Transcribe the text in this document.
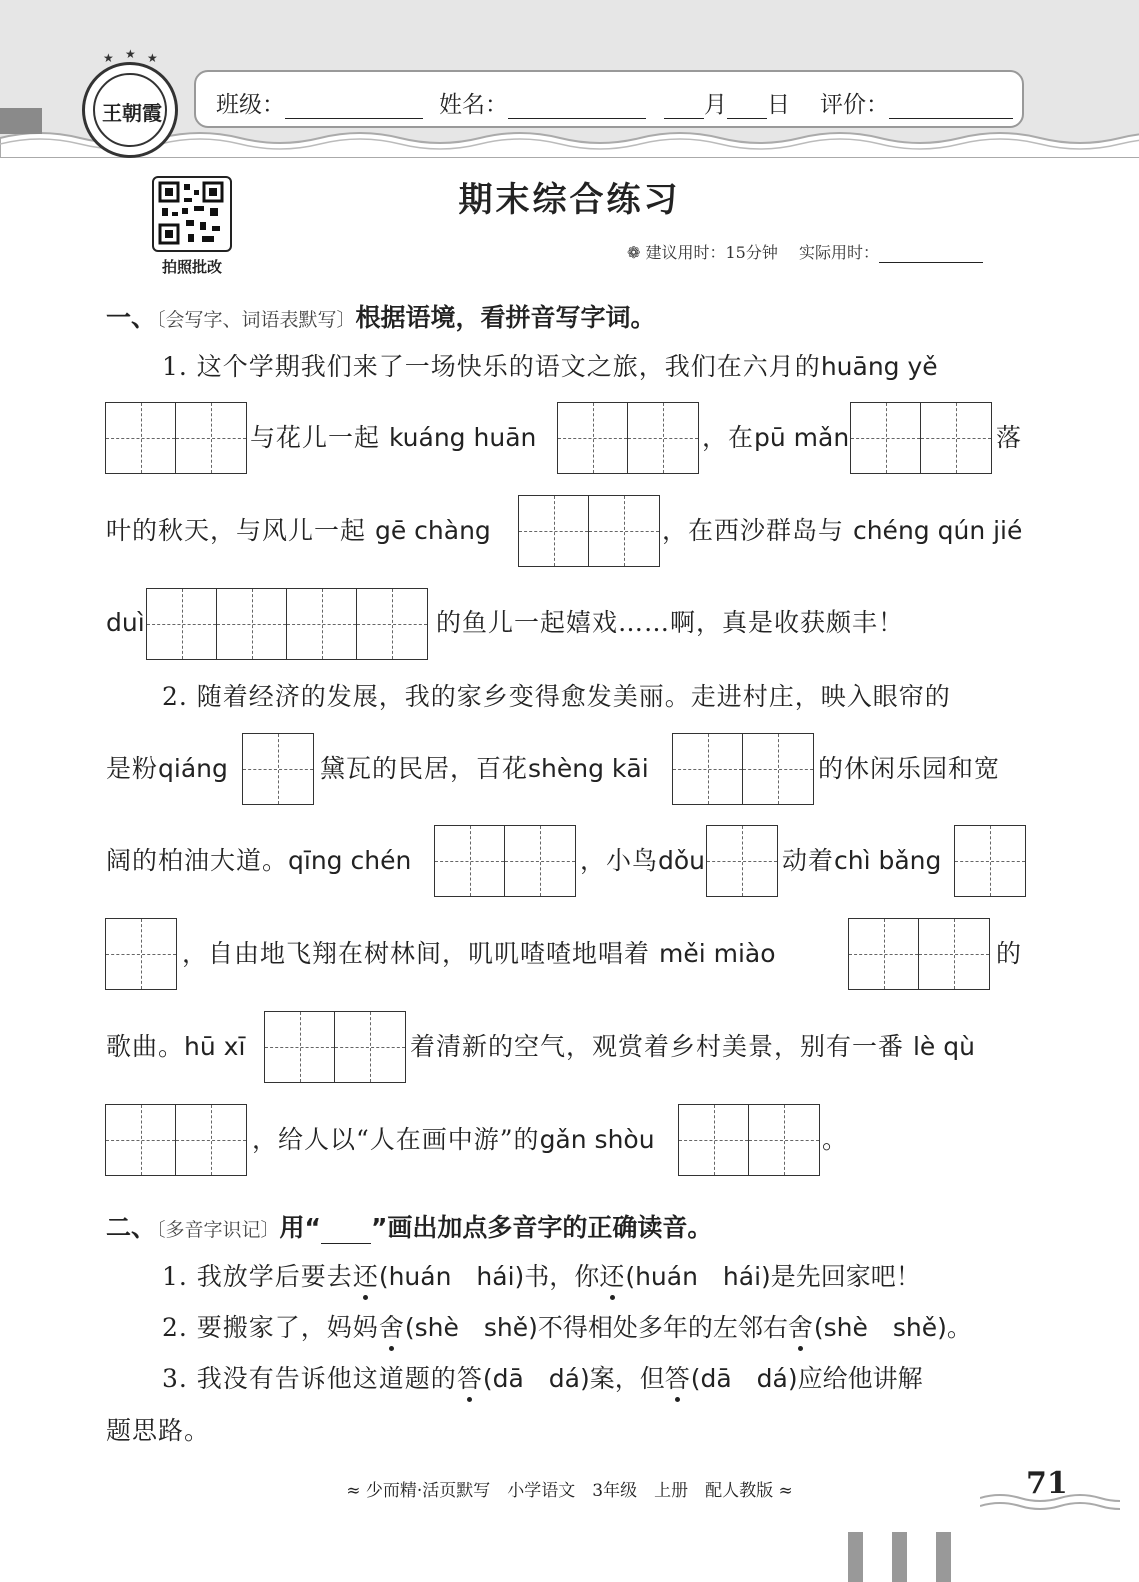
王朝霞
★ ★ ★
班级：	姓名：	月 日 评价：
拍照批改
期末综合练习
❁ 建议用时：15分钟　 实际用时：
一、〔会写字、词语表默写〕根据语境，看拼音写字词。
1. 这个学期我们来了一场快乐的语文之旅，我们在六月的huāng yě
与花儿一起 kuáng huān	，在pū mǎn	落
叶的秋天，与风儿一起 gē chàng	，在西沙群岛与 chéng qún jié
duì	的鱼儿一起嬉戏……啊，真是收获颇丰！
2. 随着经济的发展，我的家乡变得愈发美丽。走进村庄，映入眼帘的
是粉qiáng	黛瓦的民居，百花shèng kāi	的休闲乐园和宽
阔的柏油大道。qīng chén	，小鸟dǒu	动着chì bǎng
，自由地飞翔在树林间，叽叽喳喳地唱着 měi miào	的
歌曲。hū xī	着清新的空气，观赏着乡村美景，别有一番 lè qù
，给人以“人在画中游”的gǎn shòu	。
二、〔多音字识记〕用“ ”画出加点多音字的正确读音。
1. 我放学后要去还(huán　hái)书，你还(huán　hái)是先回家吧！
2. 要搬家了，妈妈舍(shè　shě)不得相处多年的左邻右舍(shè　shě)。
3. 我没有告诉他这道题的答(dā　dá)案，但答(dā　dá)应给他讲解
题思路。
≈ 少而精·活页默写　小学语文　3年级　上册　配人教版 ≈	71
